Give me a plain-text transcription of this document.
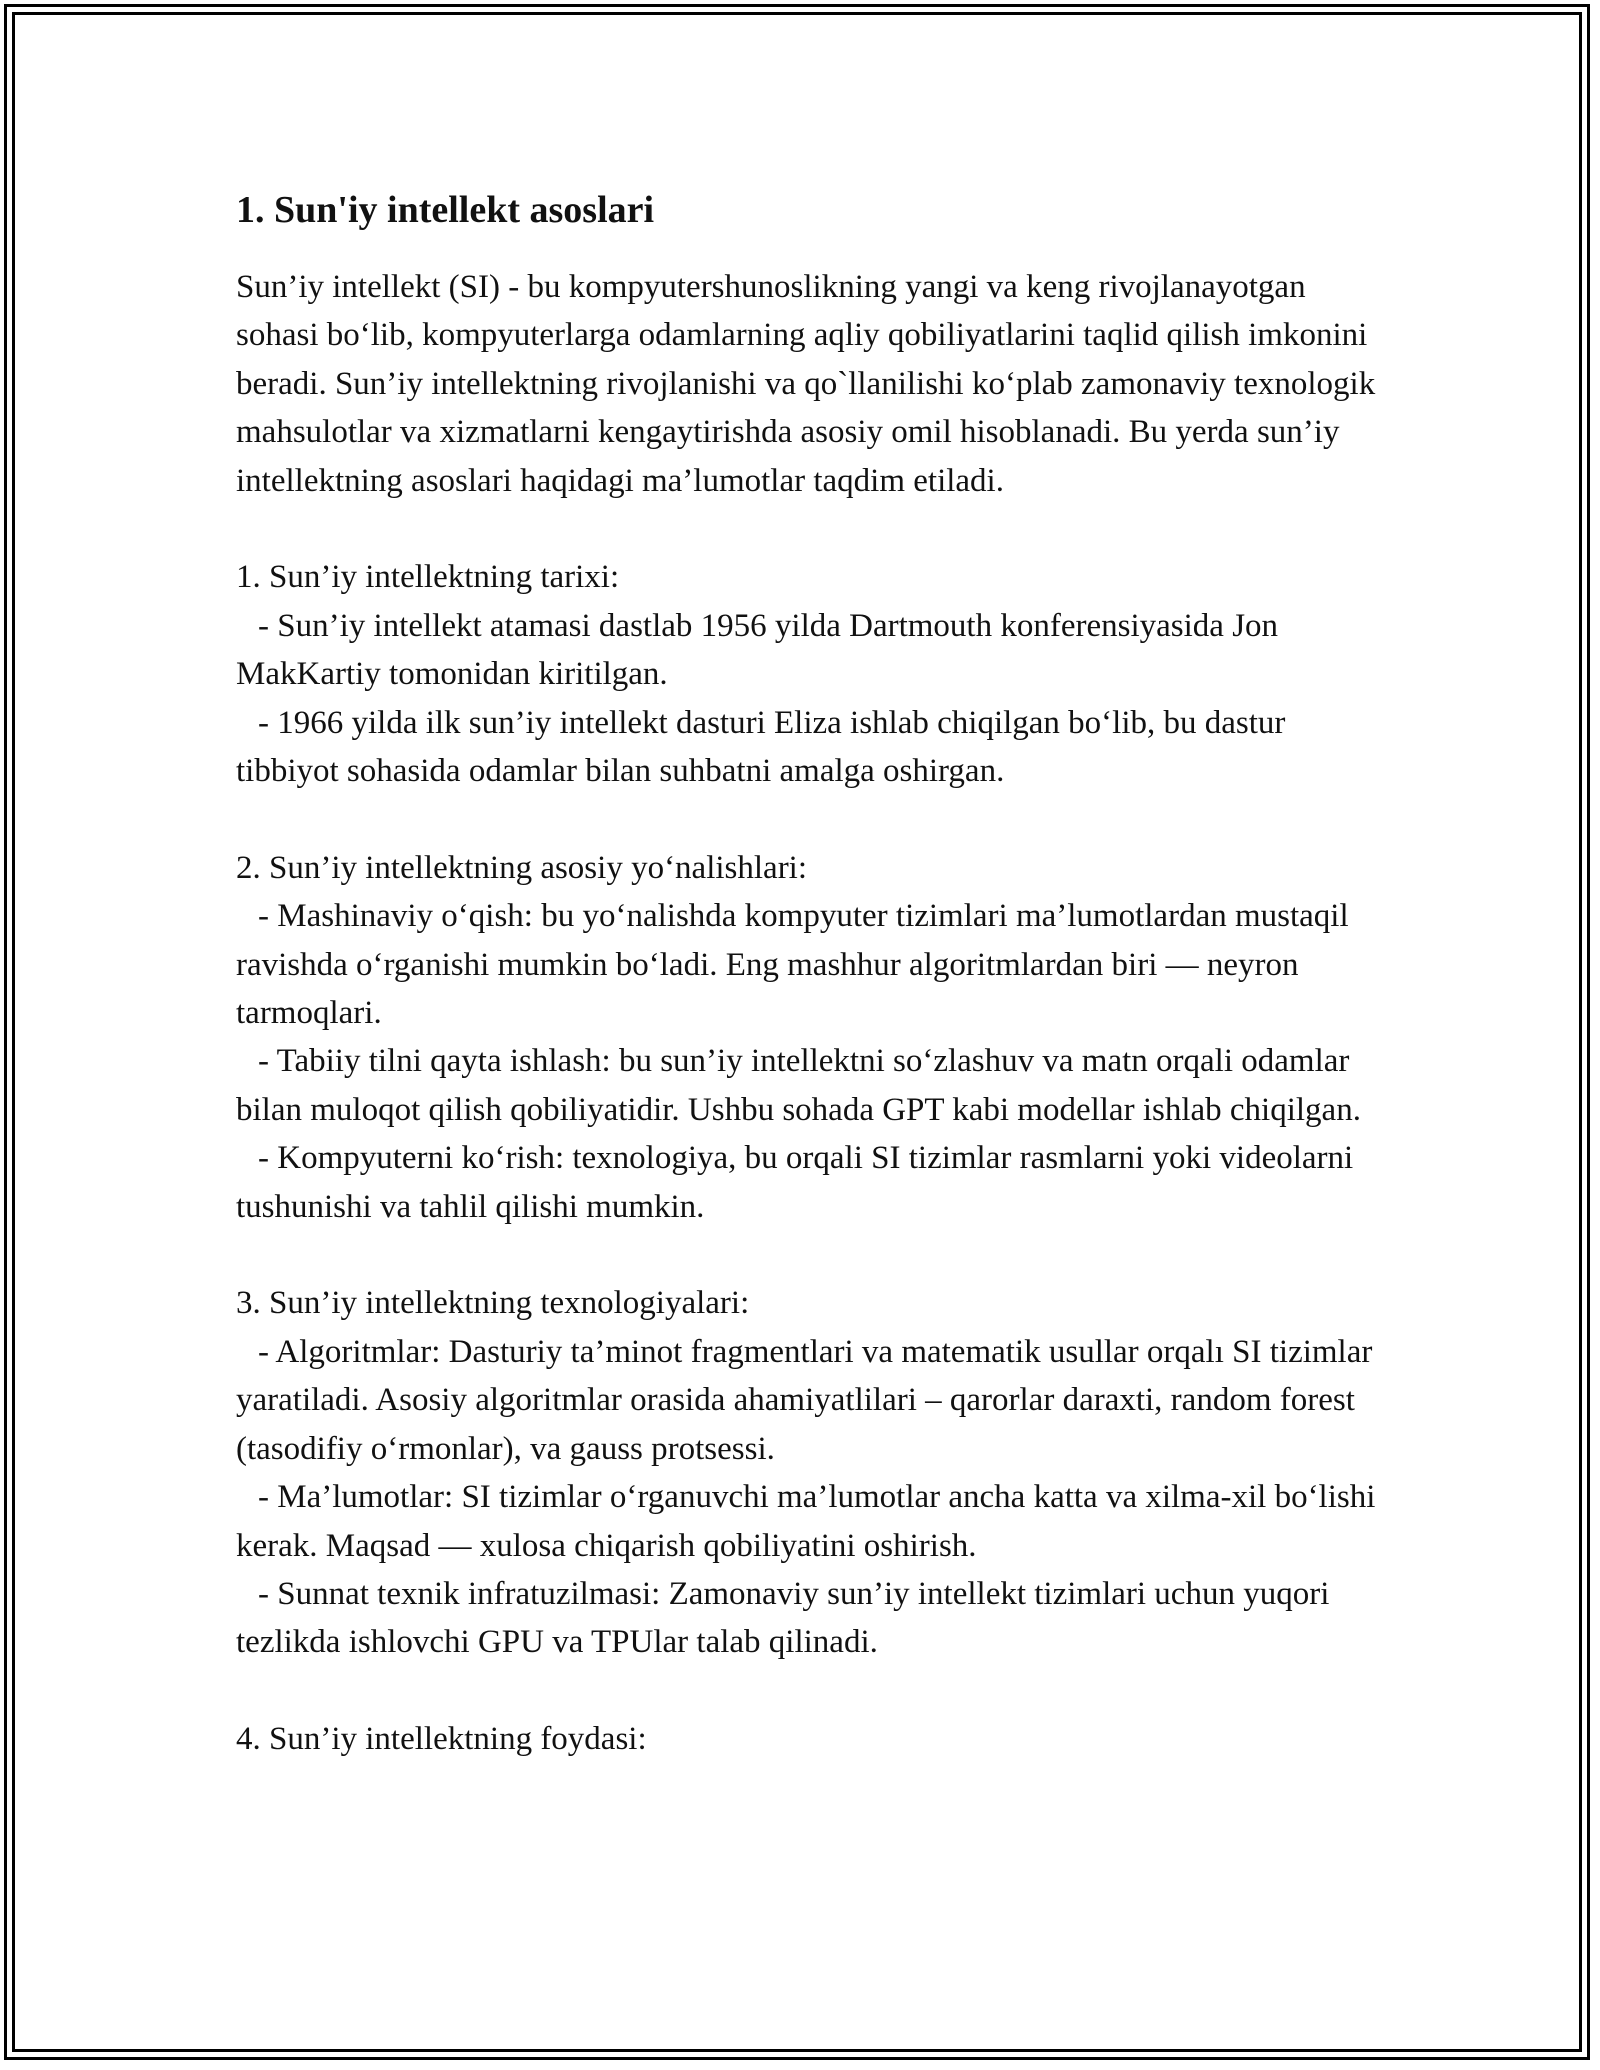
1. Sun'iy intellekt asoslari

Sun’iy intellekt (SI) - bu kompyutershunoslikning yangi va keng rivojlanayotgan sohasi bo‘lib, kompyuterlarga odamlarning aqliy qobiliyatlarini taqlid qilish imkonini beradi. Sun’iy intellektning rivojlanishi va qo`llanilishi ko‘plab zamonaviy texnologik mahsulotlar va xizmatlarni kengaytirishda asosiy omil hisoblanadi. Bu yerda sun’iy intellektning asoslari haqidagi ma’lumotlar taqdim etiladi.

1. Sun’iy intellektning tarixi:

- Sun’iy intellekt atamasi dastlab 1956 yilda Dartmouth konferensiyasida Jon MakKartiy tomonidan kiritilgan.

- 1966 yilda ilk sun’iy intellekt dasturi Eliza ishlab chiqilgan bo‘lib, bu dastur tibbiyot sohasida odamlar bilan suhbatni amalga oshirgan.

2. Sun’iy intellektning asosiy yo‘nalishlari:

- Mashinaviy o‘qish: bu yo‘nalishda kompyuter tizimlari ma’lumotlardan mustaqil ravishda o‘rganishi mumkin bo‘ladi. Eng mashhur algoritmlardan biri — neyron tarmoqlari.

- Tabiiy tilni qayta ishlash: bu sun’iy intellektni so‘zlashuv va matn orqali odamlar bilan muloqot qilish qobiliyatidir. Ushbu sohada GPT kabi modellar ishlab chiqilgan.

- Kompyuterni ko‘rish: texnologiya, bu orqali SI tizimlar rasmlarni yoki videolarni tushunishi va tahlil qilishi mumkin.

3. Sun’iy intellektning texnologiyalari:

- Algoritmlar: Dasturiy ta’minot fragmentlari va matematik usullar orqalı SI tizimlar yaratiladi. Asosiy algoritmlar orasida ahamiyatlilari – qarorlar daraxti, random forest (tasodifiy o‘rmonlar), va gauss protsessi.

- Ma’lumotlar: SI tizimlar o‘rganuvchi ma’lumotlar ancha katta va xilma-xil bo‘lishi kerak. Maqsad — xulosa chiqarish qobiliyatini oshirish.

- Sunnat texnik infratuzilmasi: Zamonaviy sun’iy intellekt tizimlari uchun yuqori tezlikda ishlovchi GPU va TPUlar talab qilinadi.

4. Sun’iy intellektning foydasi:
